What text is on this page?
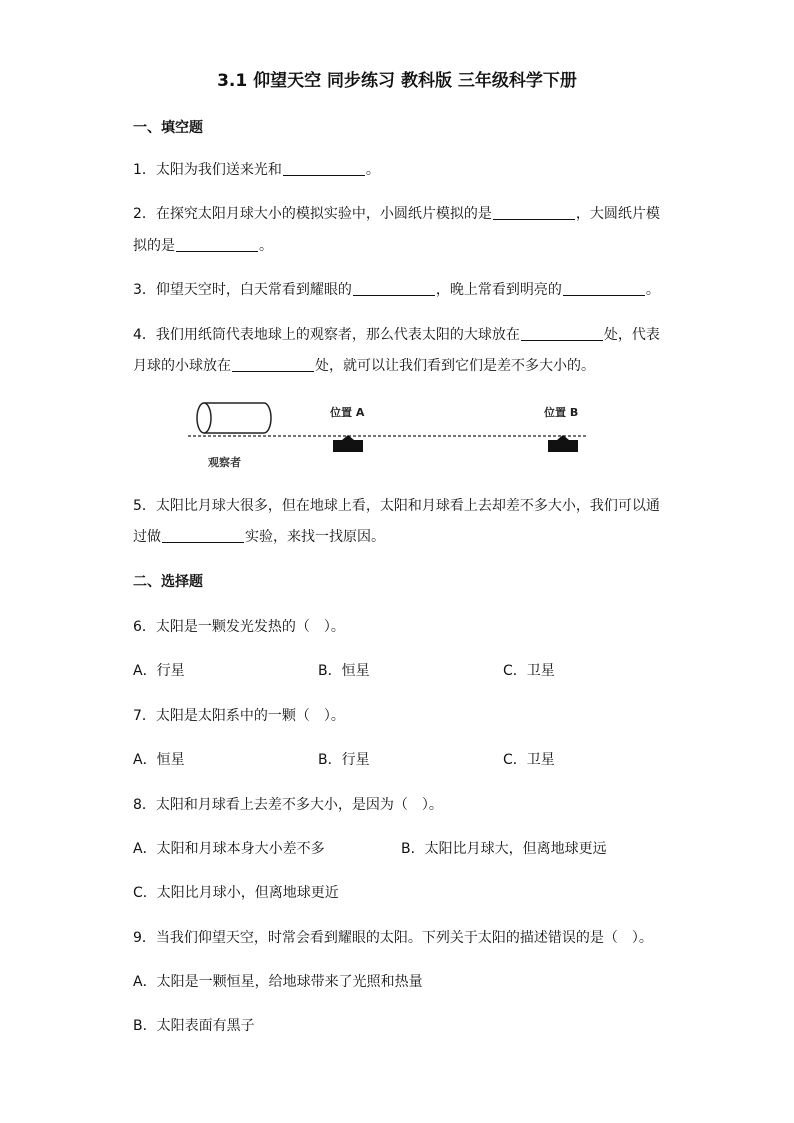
3.1 仰望天空 同步练习 教科版 三年级科学下册
一、填空题
1．太阳为我们送来光和	。
2．在探究太阳月球大小的模拟实验中，小圆纸片模拟的是	，大圆纸片模
拟的是	。
3．仰望天空时，白天常看到耀眼的	，晚上常看到明亮的	。
4．我们用纸筒代表地球上的观察者，那么代表太阳的大球放在	处，代表
月球的小球放在	处，就可以让我们看到它们是差不多大小的。
位置 A	位置 B
观察者
5．太阳比月球大很多，但在地球上看，太阳和月球看上去却差不多大小，我们可以通
过做	实验，来找一找原因。
二、选择题
6．太阳是一颗发光发热的（　）。
A．行星	B．恒星	C．卫星
7．太阳是太阳系中的一颗（　）。
A．恒星	B．行星	C．卫星
8．太阳和月球看上去差不多大小，是因为（　）。
A．太阳和月球本身大小差不多	B．太阳比月球大，但离地球更远
C．太阳比月球小，但离地球更近
9．当我们仰望天空，时常会看到耀眼的太阳。下列关于太阳的描述错误的是（　）。
A．太阳是一颗恒星，给地球带来了光照和热量
B．太阳表面有黑子
